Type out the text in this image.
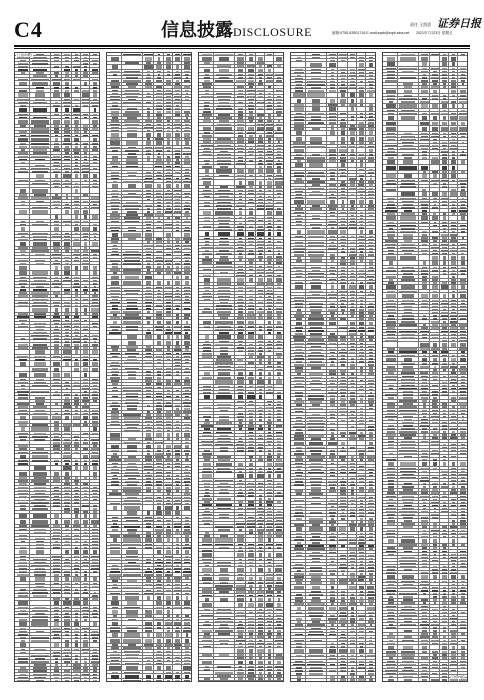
C4	信息披露DISCLOSURE
责任 王凯恩
邮箱:0755-83501716 E-mail:zqsb@zqrb.sina.net 2021年7月23日 星期五
证券日报
(上接C3版)
(下转C5版)
